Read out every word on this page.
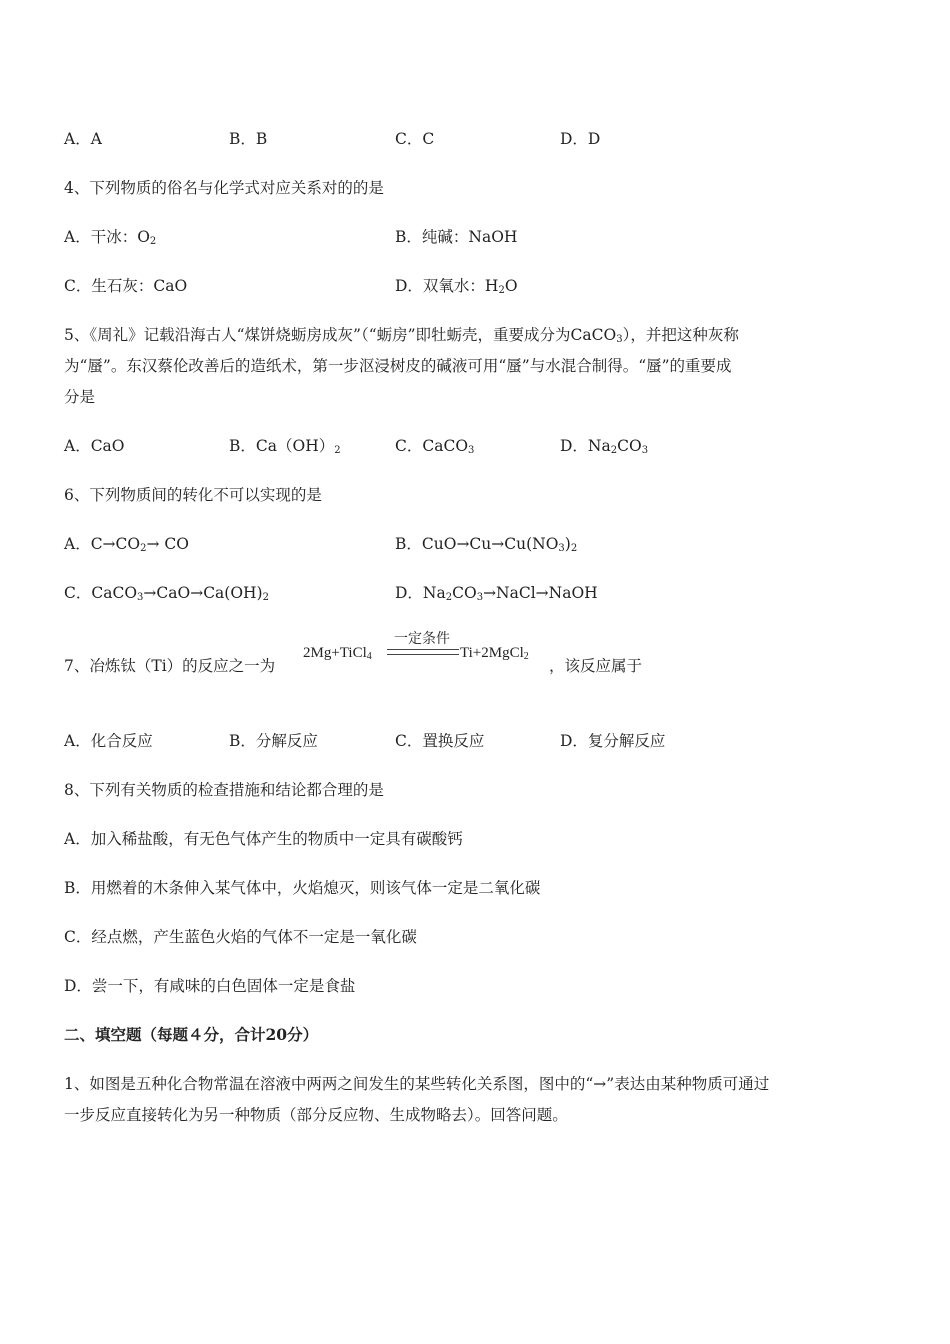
A．A	B．B	C．C	D．D
4、下列物质的俗名与化学式对应关系对的的是
A．干冰：$O_2$	B．纯碱：NaOH
C．生石灰：CaO	D．双氧水：$H_2O$
5、《周礼》记载沿海古人“煤饼烧蛎房成灰”（“蛎房”即牡蛎壳，重要成分为CaCO$_3$），并把这种灰称
为“蜃”。东汉蔡伦改善后的造纸术，第一步沤浸树皮的碱液可用“蜃”与水混合制得。“蜃”的重要成
分是
A．CaO	B．$Ca(OH)_2$	C．CaCO$_3$	D．$Na_2CO_3$
6、下列物质间的转化不可以实现的是
A．$C\to CO_2\to$ CO	B．$CuO\to Cu\to Cu(NO_3)_2$
C．$CaCO_3\to CaO\to Ca(OH)_2$	D．$Na_2CO_3\to NaCl\to NaOH$
7、冶炼钛（Ti）的反应之一为
2Mg+TiCl$_4$
一定条件
Ti+2MgCl$_2$
，该反应属于
A．化合反应	B．分解反应	C．置换反应	D．复分解反应
8、下列有关物质的检查措施和结论都合理的是
A．加入稀盐酸，有无色气体产生的物质中一定具有碳酸钙
B．用燃着的木条伸入某气体中，火焰熄灭，则该气体一定是二氧化碳
C．经点燃，产生蓝色火焰的气体不一定是一氧化碳
D．尝一下，有咸味的白色固体一定是食盐
二、填空题（每题４分，合计20分）
1、如图是五种化合物常温在溶液中两两之间发生的某些转化关系图，图中的“→”表达由某种物质可通过
一步反应直接转化为另一种物质（部分反应物、生成物略去）。回答问题。
